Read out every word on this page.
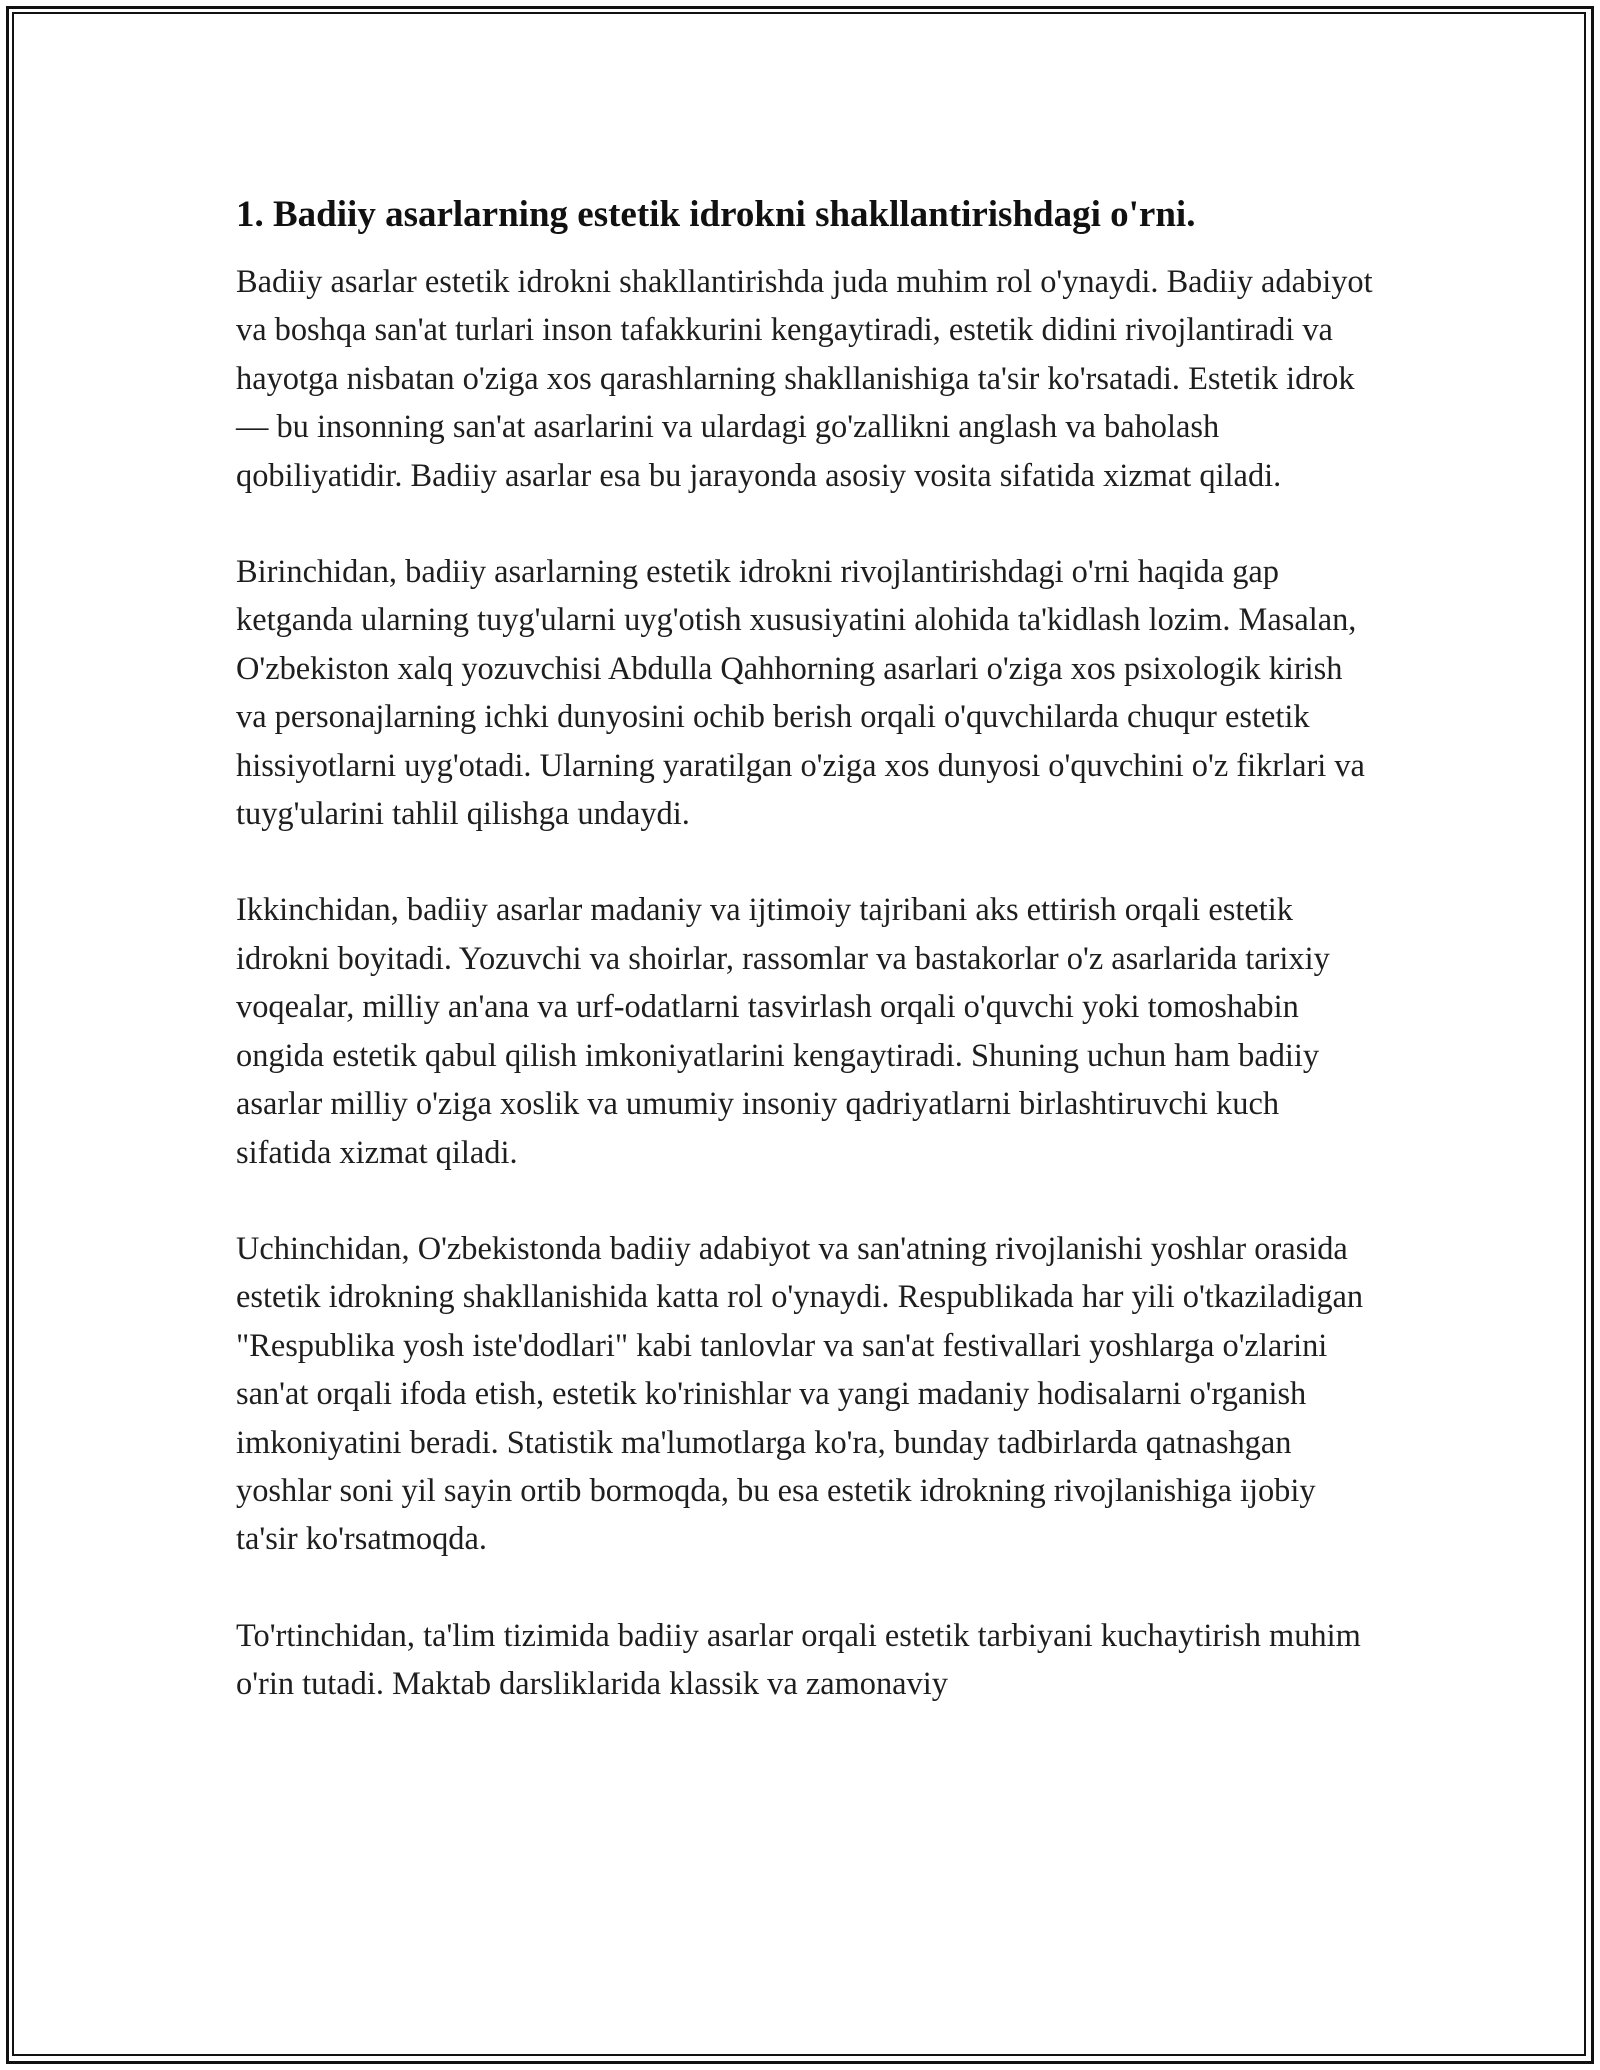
1. Badiiy asarlarning estetik idrokni shakllantirishdagi o'rni.

Badiiy asarlar estetik idrokni shakllantirishda juda muhim rol o'ynaydi. Badiiy adabiyot va boshqa san'at turlari inson tafakkurini kengaytiradi, estetik didini rivojlantiradi va hayotga nisbatan o'ziga xos qarashlarning shakllanishiga ta'sir ko'rsatadi. Estetik idrok — bu insonning san'at asarlarini va ulardagi go'zallikni anglash va baholash qobiliyatidir. Badiiy asarlar esa bu jarayonda asosiy vosita sifatida xizmat qiladi.

Birinchidan, badiiy asarlarning estetik idrokni rivojlantirishdagi o'rni haqida gap ketganda ularning tuyg'ularni uyg'otish xususiyatini alohida ta'kidlash lozim. Masalan, O'zbekiston xalq yozuvchisi Abdulla Qahhorning asarlari o'ziga xos psixologik kirish va personajlarning ichki dunyosini ochib berish orqali o'quvchilarda chuqur estetik hissiyotlarni uyg'otadi. Ularning yaratilgan o'ziga xos dunyosi o'quvchini o'z fikrlari va tuyg'ularini tahlil qilishga undaydi.

Ikkinchidan, badiiy asarlar madaniy va ijtimoiy tajribani aks ettirish orqali estetik idrokni boyitadi. Yozuvchi va shoirlar, rassomlar va bastakorlar o'z asarlarida tarixiy voqealar, milliy an'ana va urf-odatlarni tasvirlash orqali o'quvchi yoki tomoshabin ongida estetik qabul qilish imkoniyatlarini kengaytiradi. Shuning uchun ham badiiy asarlar milliy o'ziga xoslik va umumiy insoniy qadriyatlarni birlashtiruvchi kuch sifatida xizmat qiladi.

Uchinchidan, O'zbekistonda badiiy adabiyot va san'atning rivojlanishi yoshlar orasida estetik idrokning shakllanishida katta rol o'ynaydi. Respublikada har yili o'tkaziladigan "Respublika yosh iste'dodlari" kabi tanlovlar va san'at festivallari yoshlarga o'zlarini san'at orqali ifoda etish, estetik ko'rinishlar va yangi madaniy hodisalarni o'rganish imkoniyatini beradi. Statistik ma'lumotlarga ko'ra, bunday tadbirlarda qatnashgan yoshlar soni yil sayin ortib bormoqda, bu esa estetik idrokning rivojlanishiga ijobiy ta'sir ko'rsatmoqda.

To'rtinchidan, ta'lim tizimida badiiy asarlar orqali estetik tarbiyani kuchaytirish muhim o'rin tutadi. Maktab darsliklarida klassik va zamonaviy
